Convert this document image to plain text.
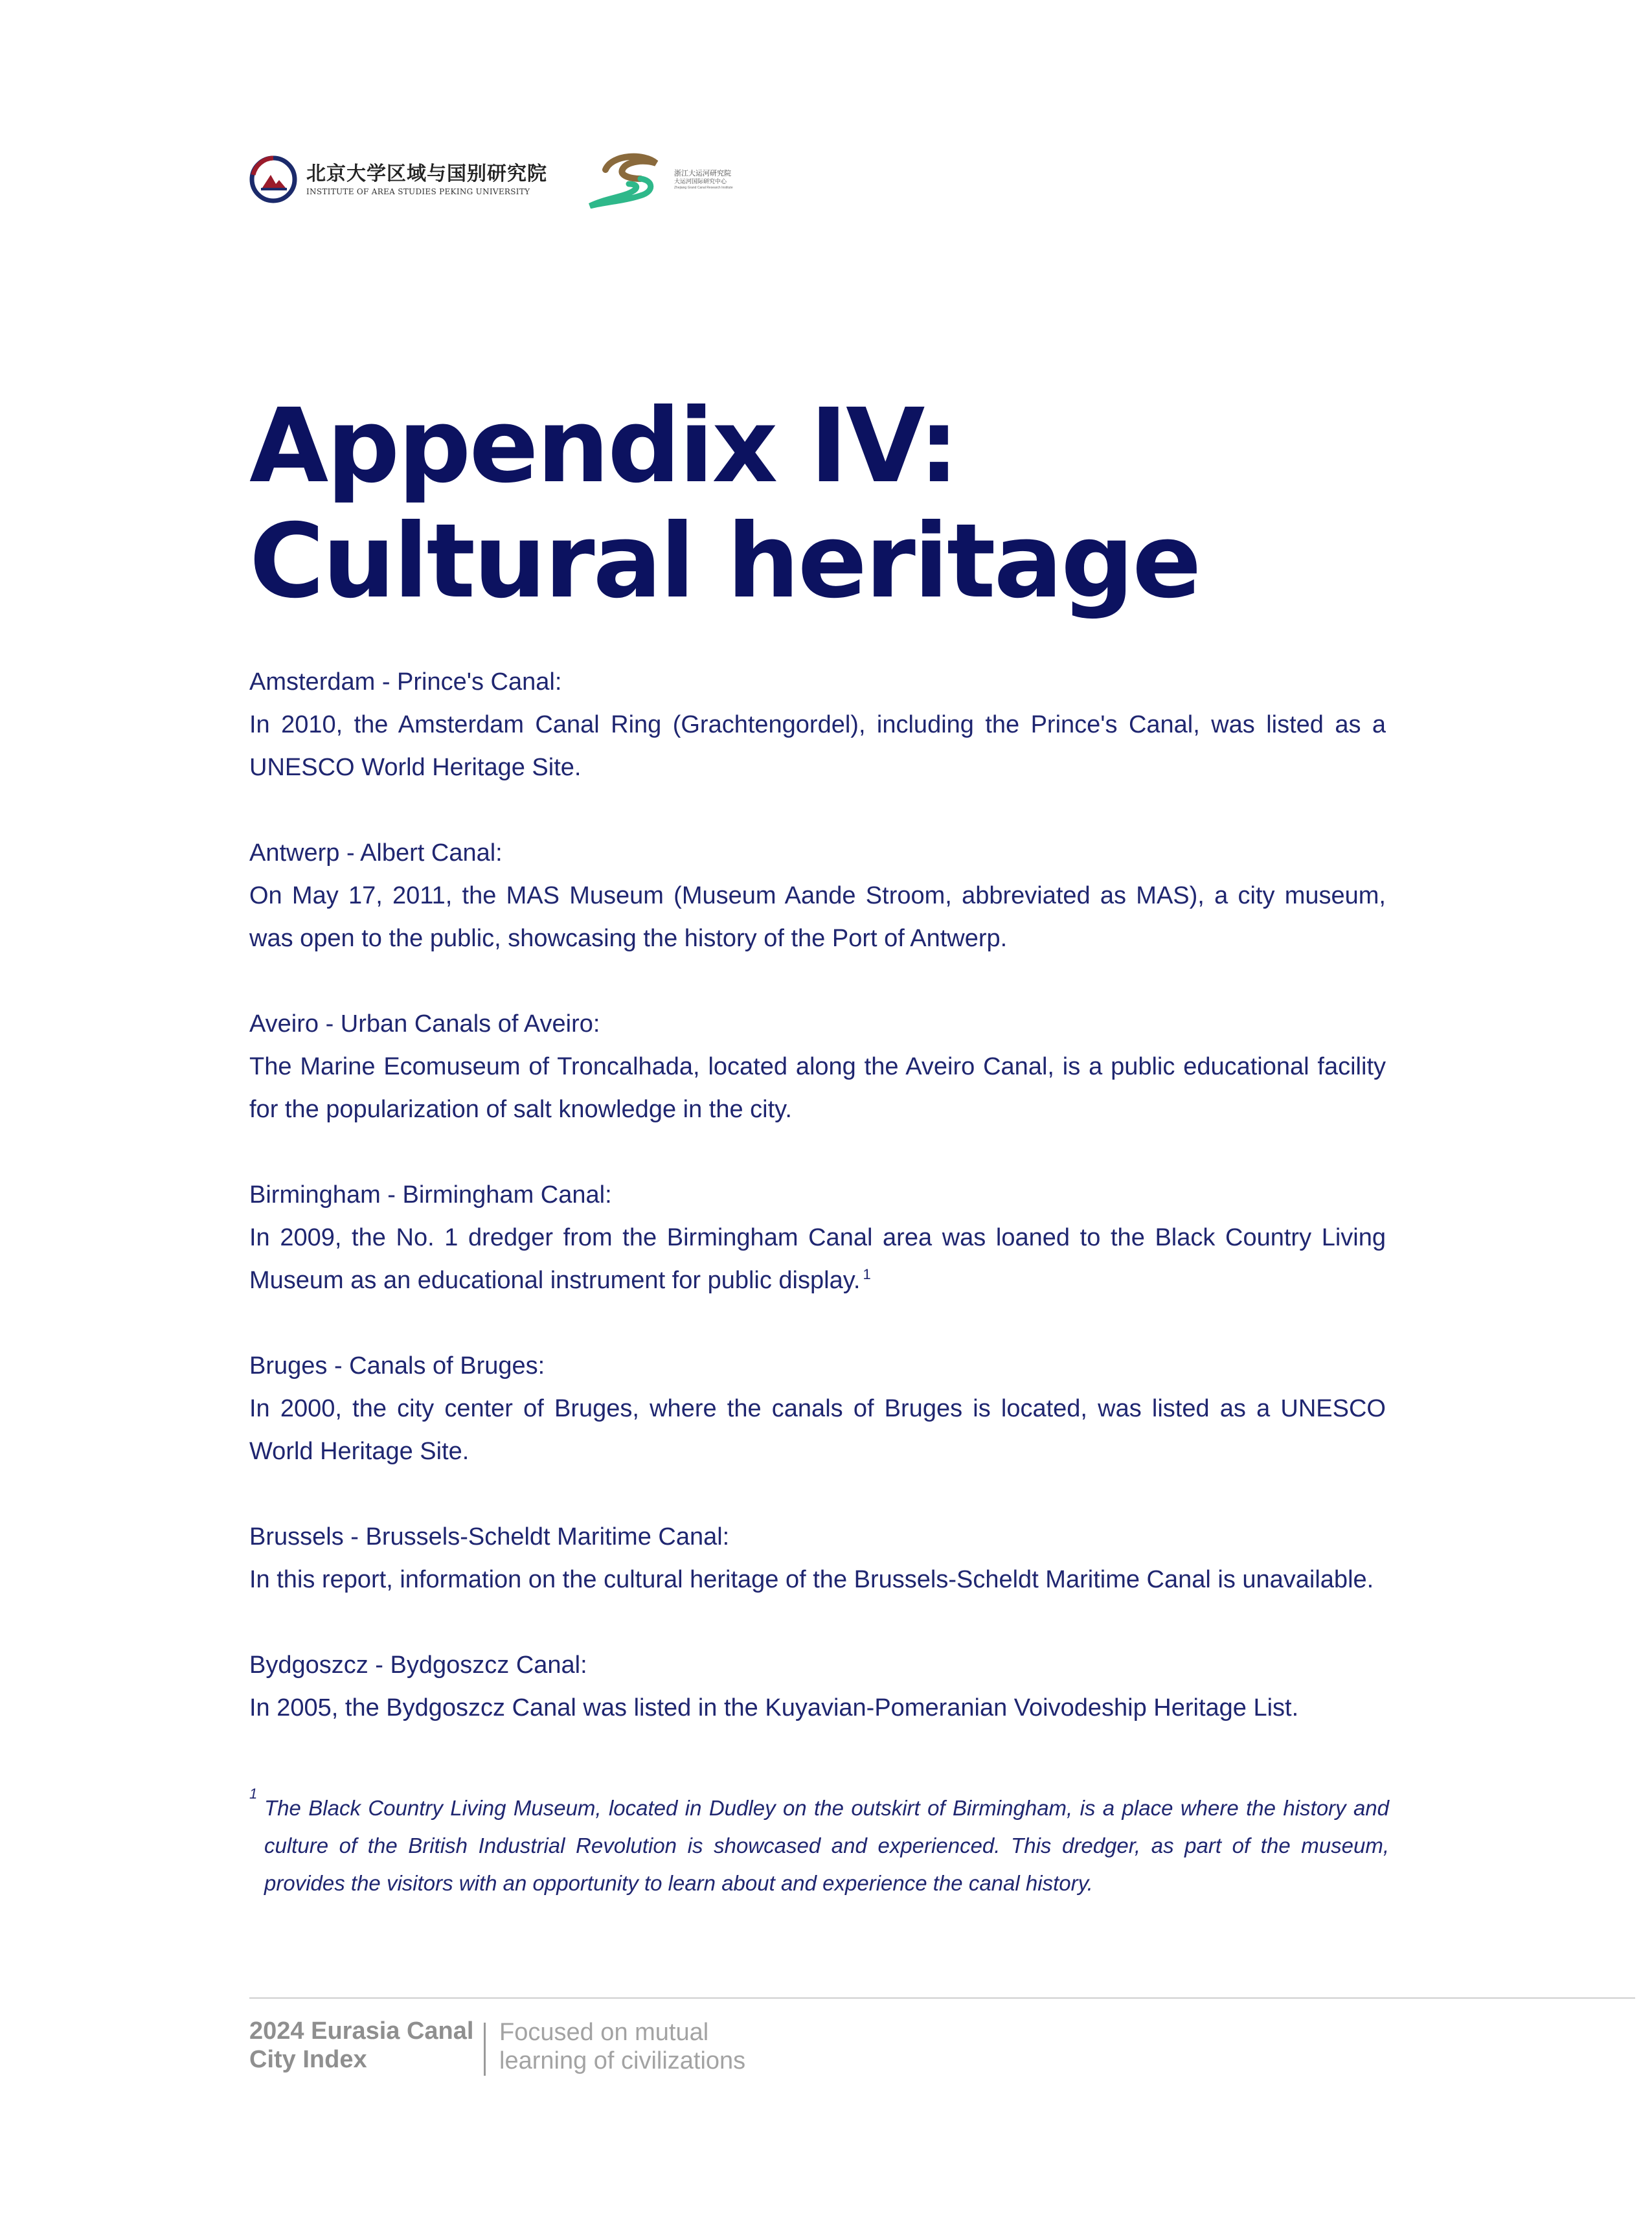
北京大学区域与国别研究院
INSTITUTE OF AREA STUDIES PEKING UNIVERSITY
浙江大运河研究院
大运河国际研究中心
Zhejiang Grand Canal Research Institute
Appendix IV:
Cultural heritage

Amsterdam - Prince's Canal:

In 2010, the Amsterdam Canal Ring (Grachtengordel), including the Prince's Canal, was listed as a UNESCO World Heritage Site.

Antwerp - Albert Canal:

On May 17, 2011, the MAS Museum (Museum Aande Stroom, abbreviated as MAS), a city museum, was open to the public, showcasing the history of the Port of Antwerp.

Aveiro - Urban Canals of Aveiro:

The Marine Ecomuseum of Troncalhada, located along the Aveiro Canal, is a public educational facility for the popularization of salt knowledge in the city.

Birmingham - Birmingham Canal:

In 2009, the No. 1 dredger from the Birmingham Canal area was loaned to the Black Country Living Museum as an educational instrument for public display. $^1$

Bruges - Canals of Bruges:

In 2000, the city center of Bruges, where the canals of Bruges is located, was listed as a UNESCO World Heritage Site.

Brussels - Brussels-Scheldt Maritime Canal:

In this report, information on the cultural heritage of the Brussels-Scheldt Maritime Canal is unavailable.

Bydgoszcz - Bydgoszcz Canal:

In 2005, the Bydgoszcz Canal was listed in the Kuyavian-Pomeranian Voivodeship Heritage List.

1

The Black Country Living Museum, located in Dudley on the outskirt of Birmingham, is a place where the history and culture of the British Industrial Revolution is showcased and experienced. This dredger, as part of the museum, provides the visitors with an opportunity to learn about and experience the canal history.

2024 Eurasia Canal City Index
Focused on mutual learning of civilizations
